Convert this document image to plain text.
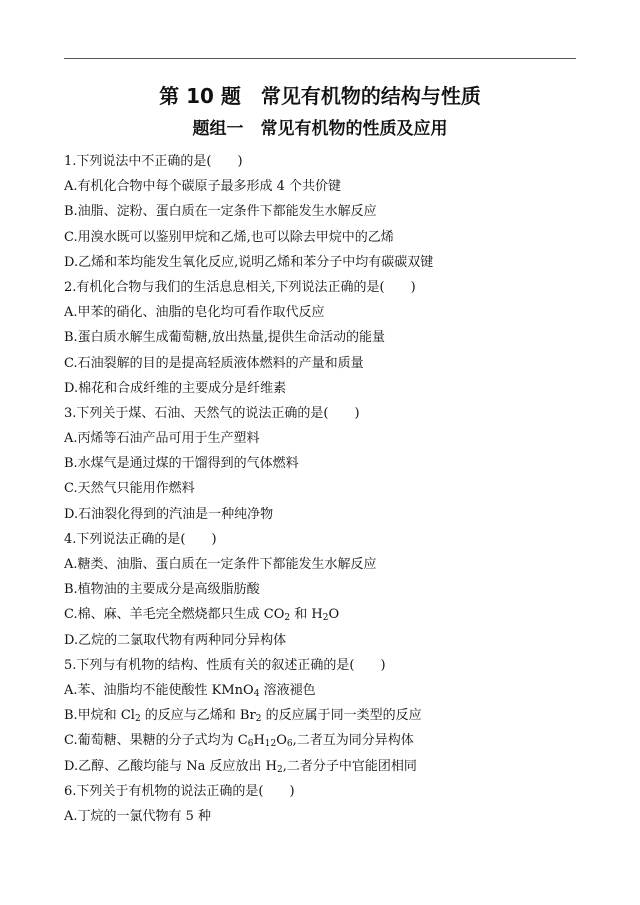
第 10 题　常见有机物的结构与性质
题组一　常见有机物的性质及应用
1.下列说法中不正确的是(　　)
A.有机化合物中每个碳原子最多形成 4 个共价键
B.油脂、淀粉、蛋白质在一定条件下都能发生水解反应
C.用溴水既可以鉴别甲烷和乙烯,也可以除去甲烷中的乙烯
D.乙烯和苯均能发生氧化反应,说明乙烯和苯分子中均有碳碳双键
2.有机化合物与我们的生活息息相关,下列说法正确的是(　　)
A.甲苯的硝化、油脂的皂化均可看作取代反应
B.蛋白质水解生成葡萄糖,放出热量,提供生命活动的能量
C.石油裂解的目的是提高轻质液体燃料的产量和质量
D.棉花和合成纤维的主要成分是纤维素
3.下列关于煤、石油、天然气的说法正确的是(　　)
A.丙烯等石油产品可用于生产塑料
B.水煤气是通过煤的干馏得到的气体燃料
C.天然气只能用作燃料
D.石油裂化得到的汽油是一种纯净物
4.下列说法正确的是(　　)
A.糖类、油脂、蛋白质在一定条件下都能发生水解反应
B.植物油的主要成分是高级脂肪酸
C.棉、麻、羊毛完全燃烧都只生成 $CO_2$ 和 $H_2O$
D.乙烷的二氯取代物有两种同分异构体
5.下列与有机物的结构、性质有关的叙述正确的是(　　)
A.苯、油脂均不能使酸性 KMnO$_4$ 溶液褪色
B.甲烷和 $Cl_2$ 的反应与乙烯和 $Br_2$ 的反应属于同一类型的反应
C.葡萄糖、果糖的分子式均为 $C_6H_{12}O_6$,二者互为同分异构体
D.乙醇、乙酸均能与 Na 反应放出 $H_2$,二者分子中官能团相同
6.下列关于有机物的说法正确的是(　　)
A.丁烷的一氯代物有 5 种
